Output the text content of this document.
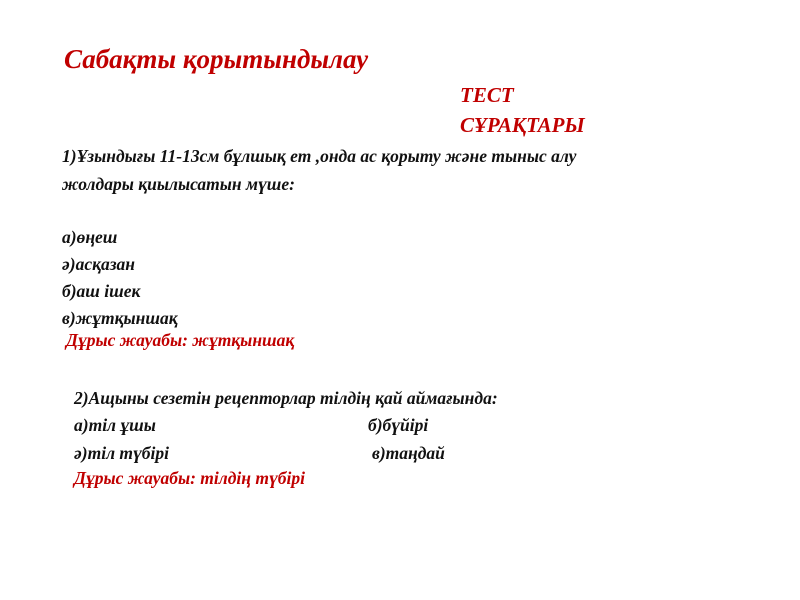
Сабақты қорытындылау
ТЕСТ
СҰРАҚТАРЫ
1)Ұзындығы 11-13см бұлшық ет ,онда ас қорыту және тыныс алу
жолдары қиылысатын мүше:
а)өңеш
ә)асқазан
б)аш ішек
в)жұтқыншақ
Дұрыс жауабы: жұтқыншақ
2)Ащыны сезетін рецепторлар тілдің қай аймағында:
а)тіл ұшы	б)бүйірі
ә)тіл түбірі	в)таңдай
Дұрыс жауабы: тілдің түбірі
